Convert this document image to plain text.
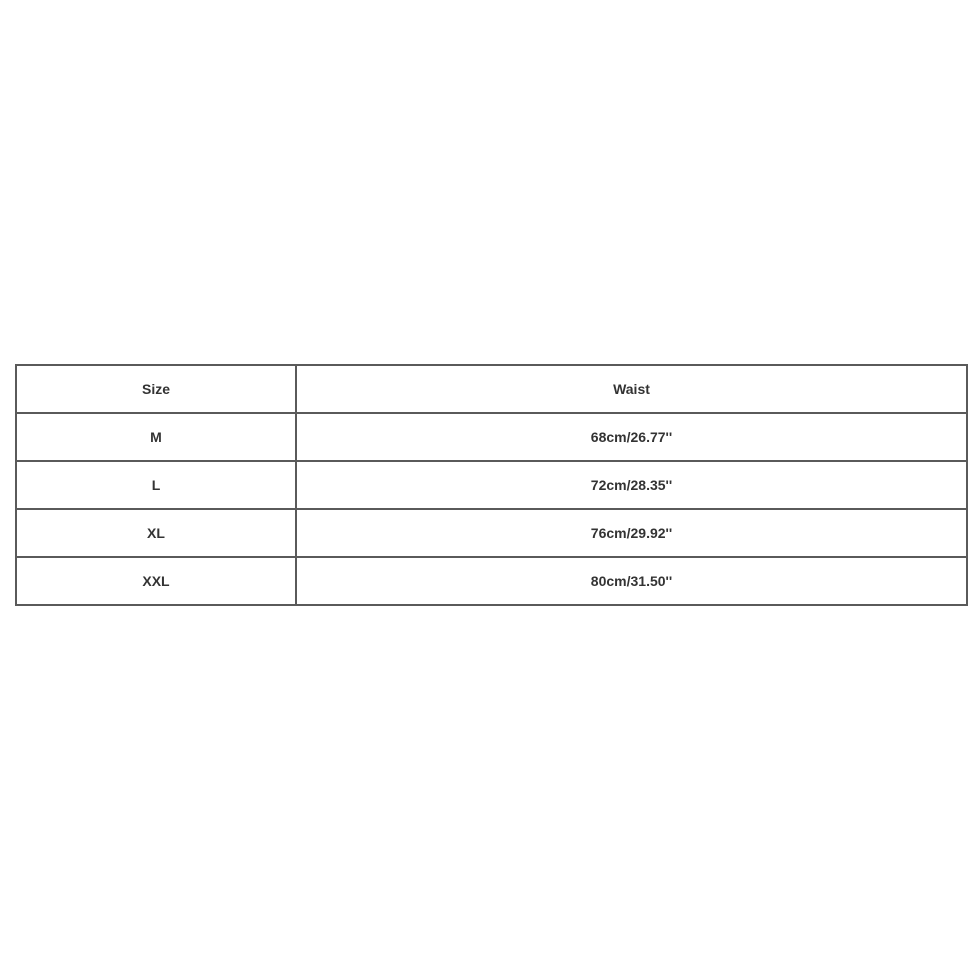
Size	Waist
M	68cm/26.77''
L	72cm/28.35''
XL	76cm/29.92''
XXL	80cm/31.50''
